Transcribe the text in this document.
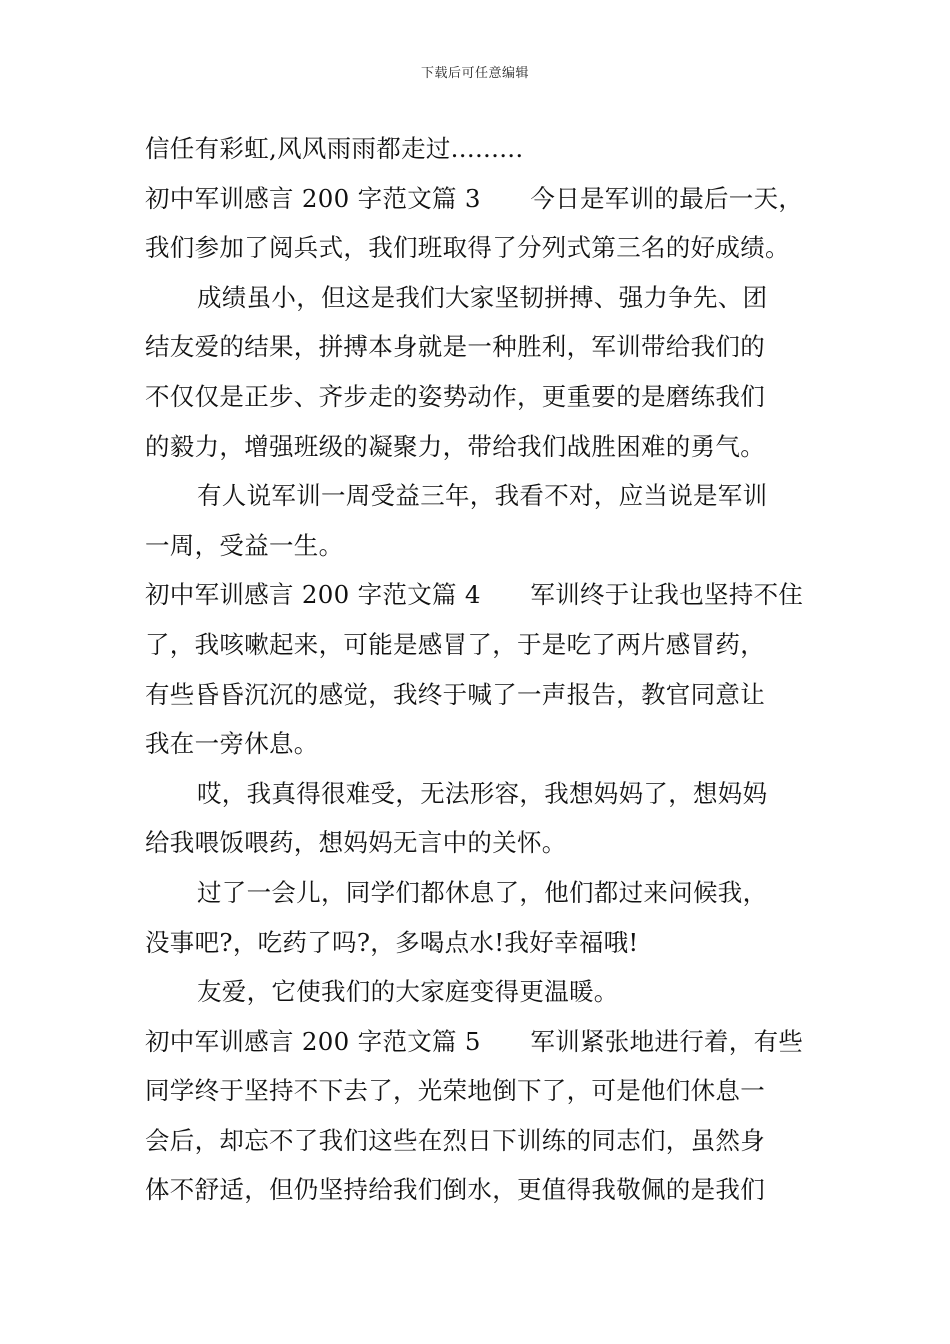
下载后可任意编辑
信任有彩虹,风风雨雨都走过.........
初中军训感言 200 字范文篇 3　　今日是军训的最后一天，
我们参加了阅兵式，我们班取得了分列式第三名的好成绩。
成绩虽小，但这是我们大家坚韧拼搏、强力争先、团
结友爱的结果，拼搏本身就是一种胜利，军训带给我们的
不仅仅是正步、齐步走的姿势动作，更重要的是磨练我们
的毅力，增强班级的凝聚力，带给我们战胜困难的勇气。
有人说军训一周受益三年，我看不对，应当说是军训
一周，受益一生。
初中军训感言 200 字范文篇 4　　军训终于让我也坚持不住
了，我咳嗽起来，可能是感冒了，于是吃了两片感冒药，
有些昏昏沉沉的感觉，我终于喊了一声报告，教官同意让
我在一旁休息。
哎，我真得很难受，无法形容，我想妈妈了，想妈妈
给我喂饭喂药，想妈妈无言中的关怀。
过了一会儿，同学们都休息了，他们都过来问候我，
没事吧?，吃药了吗?，多喝点水!我好幸福哦!
友爱，它使我们的大家庭变得更温暖。
初中军训感言 200 字范文篇 5　　军训紧张地进行着，有些
同学终于坚持不下去了，光荣地倒下了，可是他们休息一
会后，却忘不了我们这些在烈日下训练的同志们，虽然身
体不舒适，但仍坚持给我们倒水，更值得我敬佩的是我们
